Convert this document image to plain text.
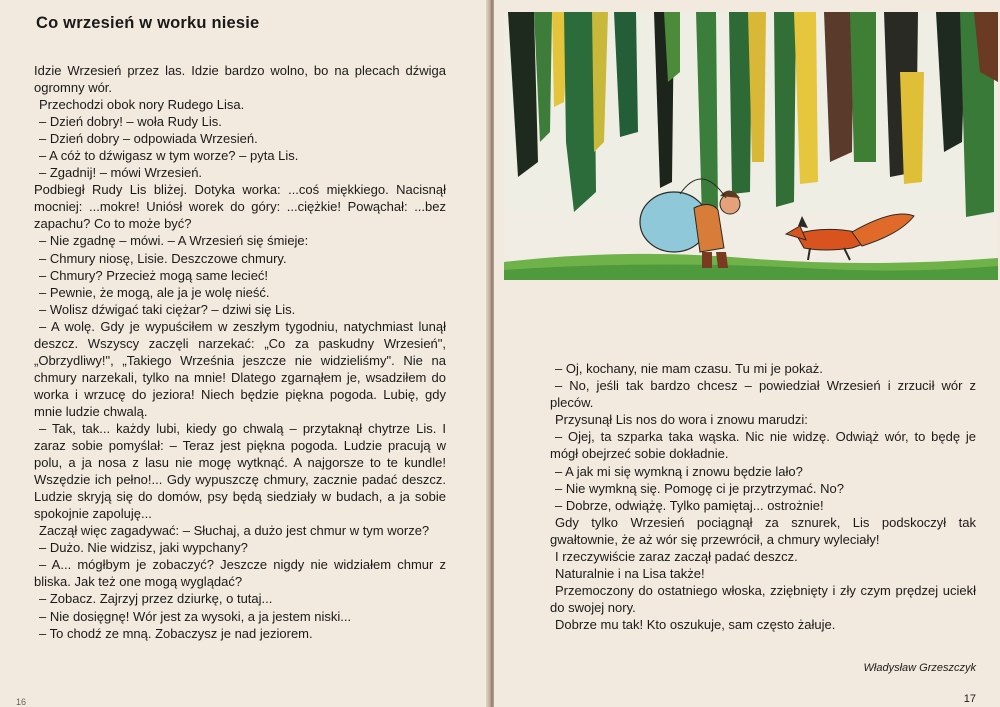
Co wrzesień w worku niesie

Idzie Wrzesień przez las. Idzie bardzo wolno, bo na plecach dźwiga ogromny wór.

Przechodzi obok nory Rudego Lisa.

– Dzień dobry! – woła Rudy Lis.

– Dzień dobry – odpowiada Wrzesień.

– A cóż to dźwigasz w tym worze? – pyta Lis.

– Zgadnij! – mówi Wrzesień.

Podbiegł Rudy Lis bliżej. Dotyka worka: ...coś miękkiego. Nacisnął mocniej: ...mokre! Uniósł worek do góry: ...ciężkie! Powąchał: ...bez zapachu? Co to może być?

– Nie zgadnę – mówi. – A Wrzesień się śmieje:

– Chmury niosę, Lisie. Deszczowe chmury.

– Chmury? Przecież mogą same lecieć!

– Pewnie, że mogą, ale ja je wolę nieść.

– Wolisz dźwigać taki ciężar? – dziwi się Lis.

– A wolę. Gdy je wypuściłem w zeszłym tygodniu, natychmiast lunął deszcz. Wszyscy zaczęli narzekać: „Co za paskudny Wrzesień", „Obrzydliwy!", „Takiego Września jeszcze nie widzieliśmy". Nie na chmury narzekali, tylko na mnie! Dlatego zgarnąłem je, wsadziłem do worka i wrzucę do jeziora! Niech będzie piękna pogoda. Lubię, gdy mnie ludzie chwalą.

– Tak, tak... każdy lubi, kiedy go chwalą – przytaknął chytrze Lis. I zaraz sobie pomyślał: – Teraz jest piękna pogoda. Ludzie pracują w polu, a ja nosa z lasu nie mogę wytknąć. A najgorsze to te kundle! Wszędzie ich pełno!... Gdy wypuszczę chmury, zacznie padać deszcz. Ludzie skryją się do domów, psy będą siedziały w budach, a ja sobie spokojnie zapoluję...

Zaczął więc zagadywać: – Słuchaj, a dużo jest chmur w tym worze?

– Dużo. Nie widzisz, jaki wypchany?

– A... mógłbym je zobaczyć? Jeszcze nigdy nie widziałem chmur z bliska. Jak też one mogą wyglądać?

– Zobacz. Zajrzyj przez dziurkę, o tutaj...

– Nie dosięgnę! Wór jest za wysoki, a ja jestem niski...

– To chodź ze mną. Zobaczysz je nad jeziorem.

16

– Oj, kochany, nie mam czasu. Tu mi je pokaż.

– No, jeśli tak bardzo chcesz – powiedział Wrzesień i zrzucił wór z pleców.

Przysunął Lis nos do wora i znowu marudzi:

– Ojej, ta szparka taka wąska. Nic nie widzę. Odwiąż wór, to będę je mógł obejrzeć sobie dokładnie.

– A jak mi się wymkną i znowu będzie lało?

– Nie wymkną się. Pomogę ci je przytrzymać. No?

– Dobrze, odwiążę. Tylko pamiętaj... ostrożnie!

Gdy tylko Wrzesień pociągnął za sznurek, Lis podskoczył tak gwałtownie, że aż wór się przewrócił, a chmury wyleciały!

I rzeczywiście zaraz zaczął padać deszcz.

Naturalnie i na Lisa także!

Przemoczony do ostatniego włoska, zziębnięty i zły czym prędzej uciekł do swojej nory.

Dobrze mu tak! Kto oszukuje, sam często żałuje.

Władysław Grzeszczyk
17
